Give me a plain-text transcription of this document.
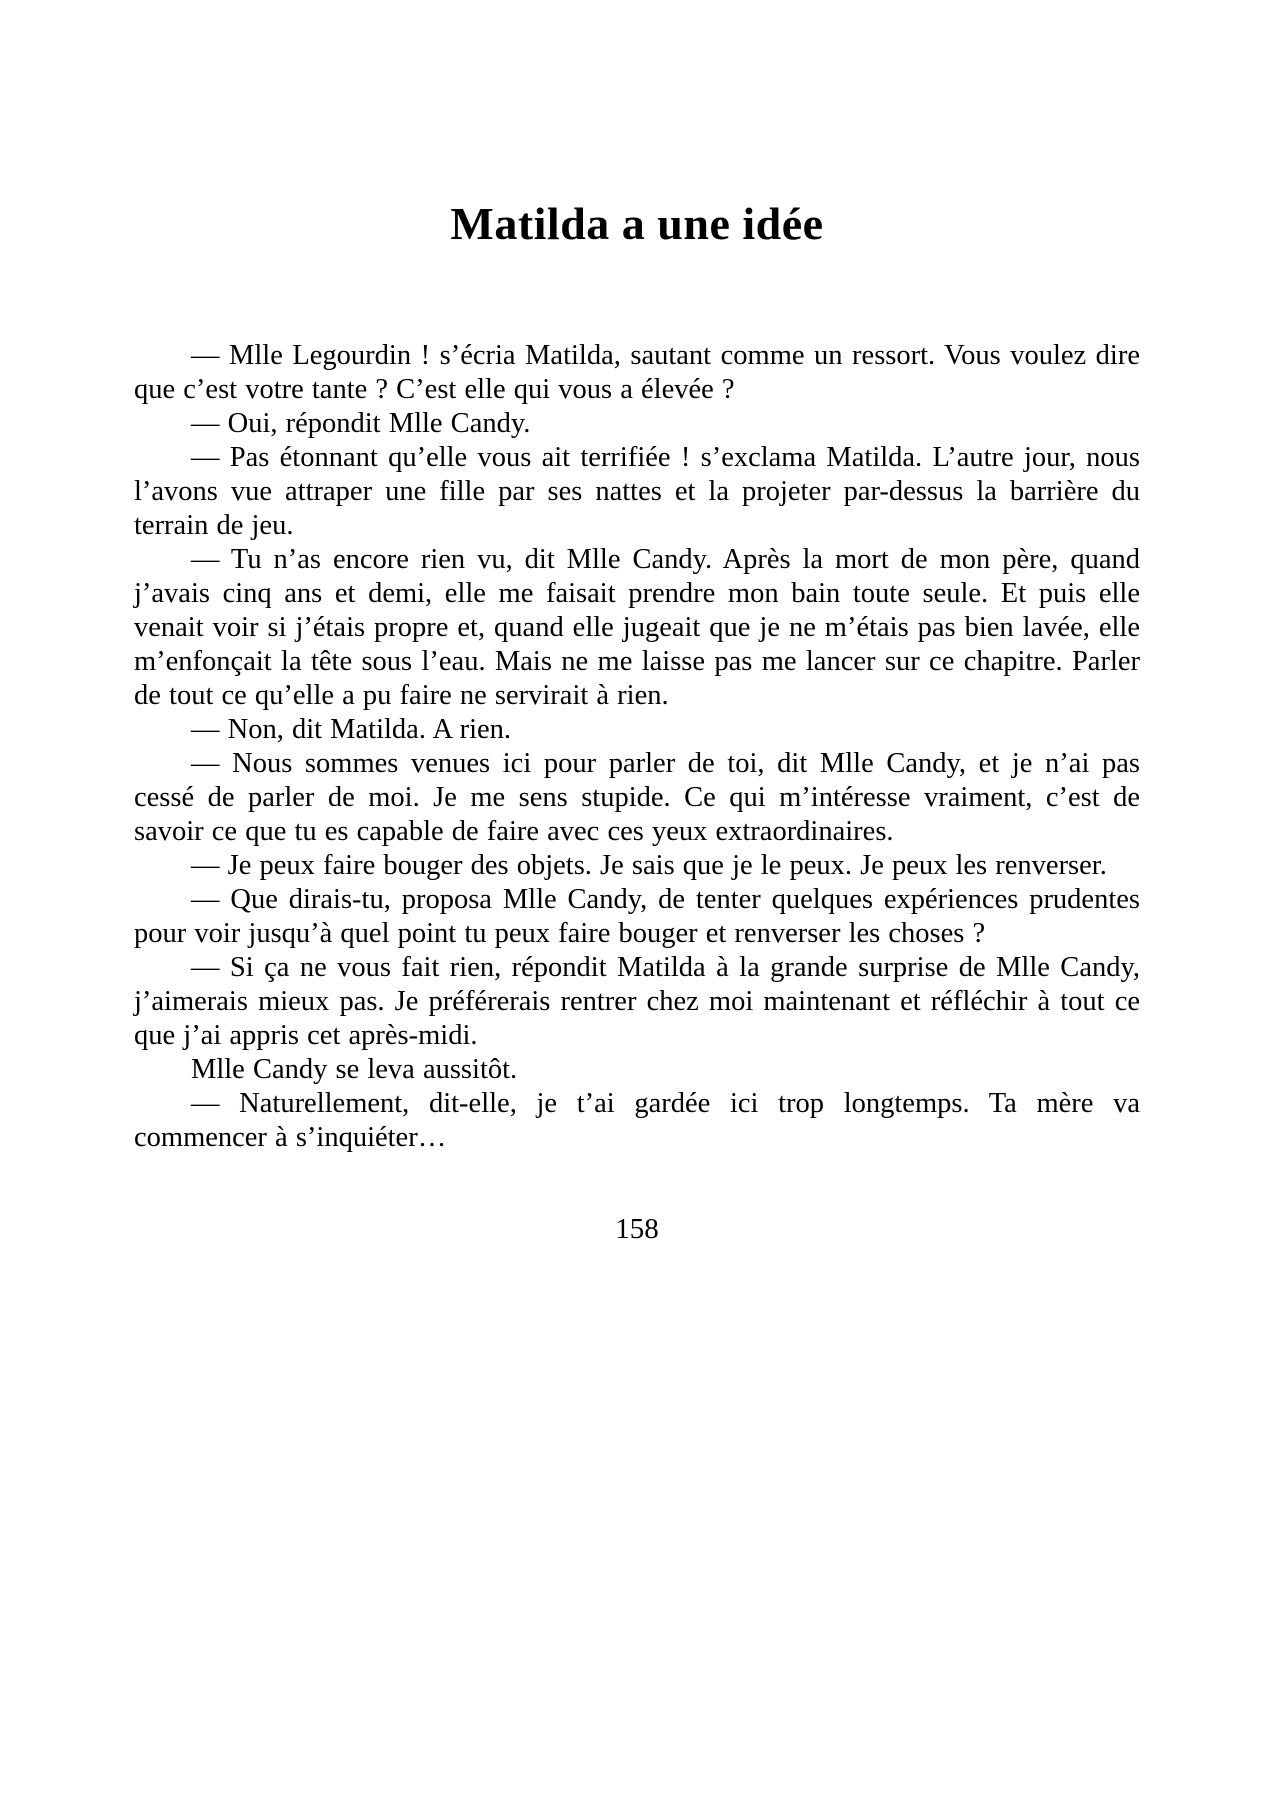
Matilda a une idée

— Mlle Legourdin ! s’écria Matilda, sautant comme un ressort. Vous voulez dire que c’est votre tante ? C’est elle qui vous a élevée ?

— Oui, répondit Mlle Candy.

— Pas étonnant qu’elle vous ait terrifiée ! s’exclama Matilda. L’autre jour, nous l’avons vue attraper une fille par ses nattes et la projeter par-dessus la barrière du terrain de jeu.

— Tu n’as encore rien vu, dit Mlle Candy. Après la mort de mon père, quand j’avais cinq ans et demi, elle me faisait prendre mon bain toute seule. Et puis elle venait voir si j’étais propre et, quand elle jugeait que je ne m’étais pas bien lavée, elle m’enfonçait la tête sous l’eau. Mais ne me laisse pas me lancer sur ce chapitre. Parler de tout ce qu’elle a pu faire ne servirait à rien.

— Non, dit Matilda. A rien.

— Nous sommes venues ici pour parler de toi, dit Mlle Candy, et je n’ai pas cessé de parler de moi. Je me sens stupide. Ce qui m’intéresse vraiment, c’est de savoir ce que tu es capable de faire avec ces yeux extraordinaires.

— Je peux faire bouger des objets. Je sais que je le peux. Je peux les renverser.

— Que dirais-tu, proposa Mlle Candy, de tenter quelques expériences prudentes pour voir jusqu’à quel point tu peux faire bouger et renverser les choses ?

— Si ça ne vous fait rien, répondit Matilda à la grande surprise de Mlle Candy, j’aimerais mieux pas. Je préférerais rentrer chez moi maintenant et réfléchir à tout ce que j’ai appris cet après-midi.

Mlle Candy se leva aussitôt.

— Naturellement, dit-elle, je t’ai gardée ici trop longtemps. Ta mère va commencer à s’inquiéter…

158
